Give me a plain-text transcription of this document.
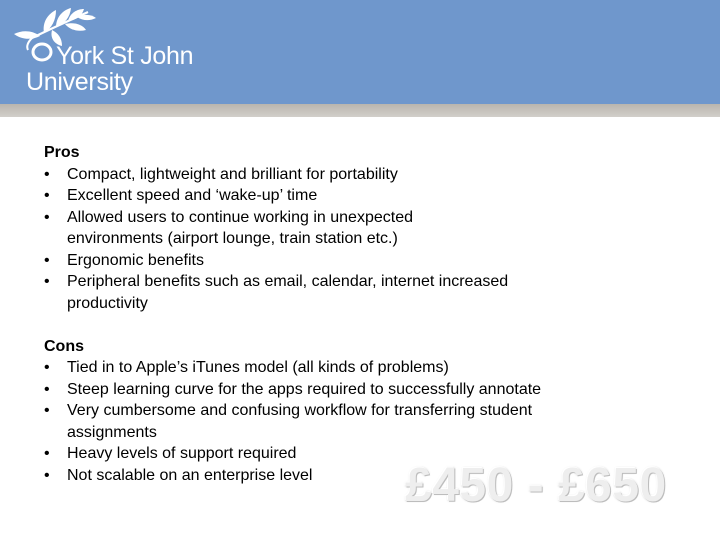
York St John
University
Pros
• Compact, lightweight and brilliant for portability
• Excellent speed and ‘wake-up’ time
• Allowed users to continue working in unexpected environments (airport lounge, train station etc.)
• Ergonomic benefits
• Peripheral benefits such as email, calendar, internet increased productivity
Cons
• Tied in to Apple’s iTunes model (all kinds of problems)
• Steep learning curve for the apps required to successfully annotate
• Very cumbersome and confusing workflow for transferring student assignments
• Heavy levels of support required
• Not scalable on an enterprise level	£450 - £650
